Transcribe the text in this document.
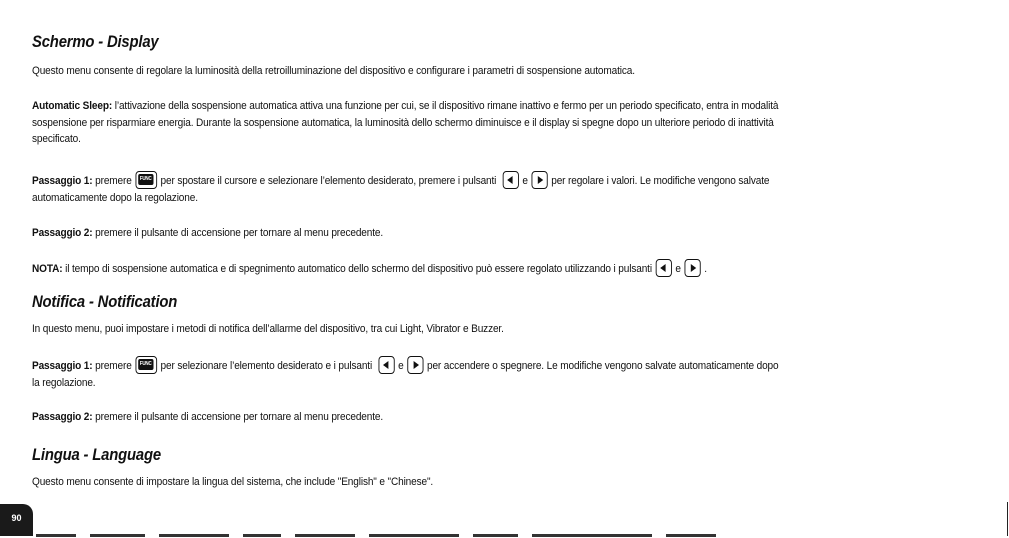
Schermo - Display

Questo menu consente di regolare la luminosità della retroilluminazione del dispositivo e configurare i parametri di sospensione automatica.

Automatic Sleep: l’attivazione della sospensione automatica attiva una funzione per cui, se il dispositivo rimane inattivo e fermo per un periodo specificato, entra in modalità
sospensione per risparmiare energia. Durante la sospensione automatica, la luminosità dello schermo diminuisce e il display si spegne dopo un ulteriore periodo di inattività
specificato.

Passaggio 1: premere	FUNC per spostare il cursore e selezionare l’elemento desiderato, premere i pulsanti e per regolare i valori. Le modifiche vengono salvate
automaticamente dopo la regolazione.

Passaggio 2: premere il pulsante di accensione per tornare al menu precedente.

NOTA: il tempo di sospensione automatica e di spegnimento automatico dello schermo del dispositivo può essere regolato utilizzando i pulsanti e .

Notifica - Notification

In questo menu, puoi impostare i metodi di notifica dell’allarme del dispositivo, tra cui Light, Vibrator e Buzzer.

Passaggio 1: premere	FUNC per selezionare l’elemento desiderato e i pulsanti e per accendere o spegnere. Le modifiche vengono salvate automaticamente dopo
la regolazione.

Passaggio 2: premere il pulsante di accensione per tornare al menu precedente.

Lingua - Language

Questo menu consente di impostare la lingua del sistema, che include "English" e "Chinese".

90
